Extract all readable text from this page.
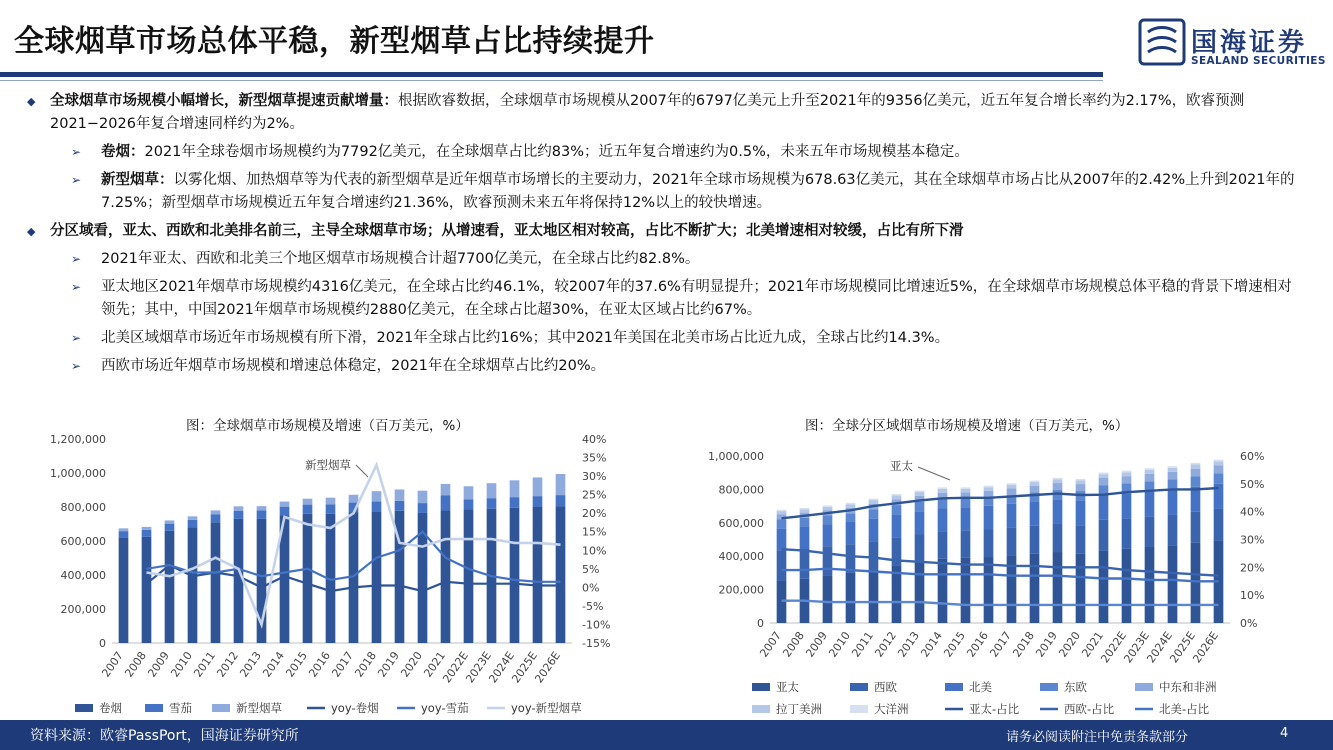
全球烟草市场总体平稳，新型烟草占比持续提升	国海证券
SEALAND SECURITIES
◆ 全球烟草市场规模小幅增长，新型烟草提速贡献增量：根据欧睿数据，全球烟草市场规模从2007年的6797亿美元上升至2021年的9356亿美元，近五年复合增长率约为2.17%，欧睿预测2021−2026年复合增速同样约为2%。
➢ 卷烟：2021年全球卷烟市场规模约为7792亿美元，在全球烟草占比约83%；近五年复合增速约为0.5%，未来五年市场规模基本稳定。
➢ 新型烟草：以雾化烟、加热烟草等为代表的新型烟草是近年烟草市场增长的主要动力，2021年全球市场规模为678.63亿美元，其在全球烟草市场占比从2007年的2.42%上升到2021年的7.25%；新型烟草市场规模近五年复合增速约21.36%，欧睿预测未来五年将保持12%以上的较快增速。
◆ 分区域看，亚太、西欧和北美排名前三，主导全球烟草市场；从增速看，亚太地区相对较高，占比不断扩大；北美增速相对较缓，占比有所下滑
➢ 2021年亚太、西欧和北美三个地区烟草市场规模合计超7700亿美元，在全球占比约82.8%。
➢ 亚太地区2021年烟草市场规模约4316亿美元，在全球占比约46.1%，较2007年的37.6%有明显提升；2021年市场规模同比增速近5%，在全球烟草市场规模总体平稳的背景下增速相对领先；其中，中国2021年烟草市场规模约2880亿美元，在全球占比超30%，在亚太区域占比约67%。
➢ 北美区域烟草市场近年市场规模有所下滑，2021年全球占比约16%；其中2021年美国在北美市场占比近九成，全球占比约14.3%。
➢ 西欧市场近年烟草市场规模和增速总体稳定，2021年在全球烟草占比约20%。
图：全球烟草市场规模及增速（百万美元，%）	图：全球分区域烟草市场规模及增速（百万美元，%）
1,200,000
1,000,000
800,000
600,000
400,000
200,000
0
40%
35%
30%
25%
20%
15%
10%
5%
0%
-5%
-10%
-15%
2007
2008
2009
2010
2011
2012
2013
2014
2015
2016
2017
2018
2019
2020
2021
2022E
2023E
2024E
2025E
2026E
新型烟草
卷烟	雪茄	新型烟草	yoy-卷烟	yoy-雪茄	yoy-新型烟草
1,000,000
800,000
600,000
400,000
200,000
0
60%
50%
40%
30%
20%
10%
0%
2007
2008
2009
2010
2011
2012
2013
2014
2015
2016
2017
2018
2019
2020
2021
2022E
2023E
2024E
2025E
2026E
亚太
亚太	西欧	北美	东欧	中东和非洲
拉丁美洲	大洋洲	亚太-占比	西欧-占比	北美-占比
资料来源：欧睿PassPort，国海证券研究所	请务必阅读附注中免责条款部分	4
